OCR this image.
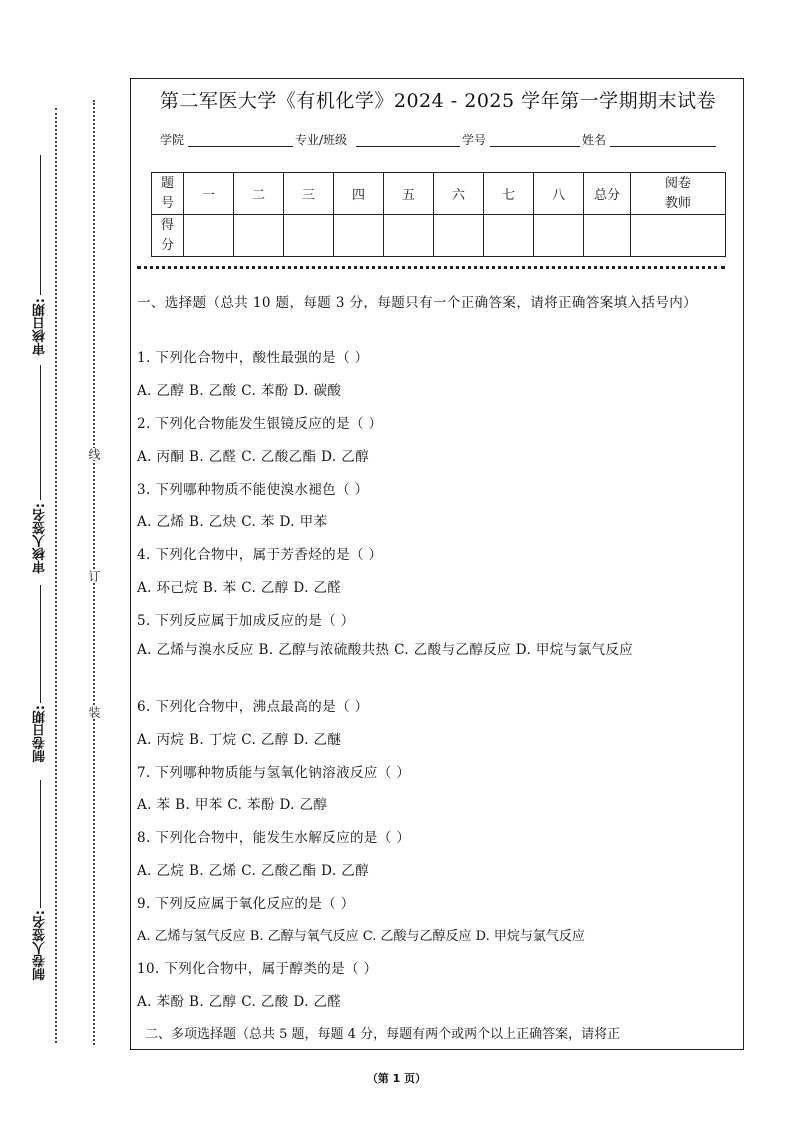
审核日期:
审核人签名:
制卷日期:
制卷人签名:
线
订
装
第二军医大学《有机化学》2024 - 2025 学年第一学期期末试卷
学院	专业/班级	学号	姓名
题号	一	二	三	四	五	六	七	八	总分	阅卷教师
得分										
一、选择题（总共 10 题，每题 3 分，每题只有一个正确答案，请将正确答案填入括号内）
1. 下列化合物中，酸性最强的是（ ）
A. 乙醇 B. 乙酸 C. 苯酚 D. 碳酸
2. 下列化合物能发生银镜反应的是（ ）
A. 丙酮 B. 乙醛 C. 乙酸乙酯 D. 乙醇
3. 下列哪种物质不能使溴水褪色（ ）
A. 乙烯 B. 乙炔 C. 苯 D. 甲苯
4. 下列化合物中，属于芳香烃的是（ ）
A. 环己烷 B. 苯 C. 乙醇 D. 乙醛
5. 下列反应属于加成反应的是（ ）
A. 乙烯与溴水反应 B. 乙醇与浓硫酸共热 C. 乙酸与乙醇反应 D. 甲烷与氯气反应
6. 下列化合物中，沸点最高的是（ ）
A. 丙烷 B. 丁烷 C. 乙醇 D. 乙醚
7. 下列哪种物质能与氢氧化钠溶液反应（ ）
A. 苯 B. 甲苯 C. 苯酚 D. 乙醇
8. 下列化合物中，能发生水解反应的是（ ）
A. 乙烷 B. 乙烯 C. 乙酸乙酯 D. 乙醇
9. 下列反应属于氧化反应的是（ ）
A. 乙烯与氢气反应 B. 乙醇与氧气反应 C. 乙酸与乙醇反应 D. 甲烷与氯气反应
10. 下列化合物中，属于醇类的是（ ）
A. 苯酚 B. 乙醇 C. 乙酸 D. 乙醛
二、多项选择题（总共 5 题，每题 4 分，每题有两个或两个以上正确答案，请将正
（第 1 页）
